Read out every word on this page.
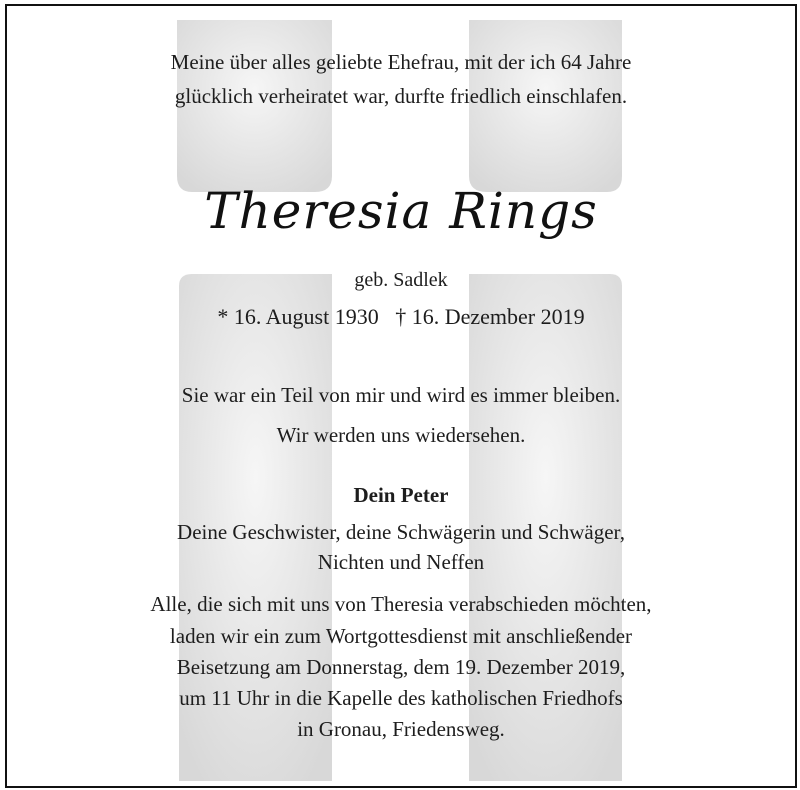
Meine über alles geliebte Ehefrau, mit der ich 64 Jahre
glücklich verheiratet war, durfte friedlich einschlafen.
Theresia Rings
geb. Sadlek
* 16. August 1930   † 16. Dezember 2019
Sie war ein Teil von mir und wird es immer bleiben.
Wir werden uns wiedersehen.
Dein Peter
Deine Geschwister, deine Schwägerin und Schwäger,
Nichten und Neffen
Alle, die sich mit uns von Theresia verabschieden möchten,
laden wir ein zum Wortgottesdienst mit anschließender
Beisetzung am Donnerstag, dem 19. Dezember 2019,
um 11 Uhr in die Kapelle des katholischen Friedhofs
in Gronau, Friedensweg.
